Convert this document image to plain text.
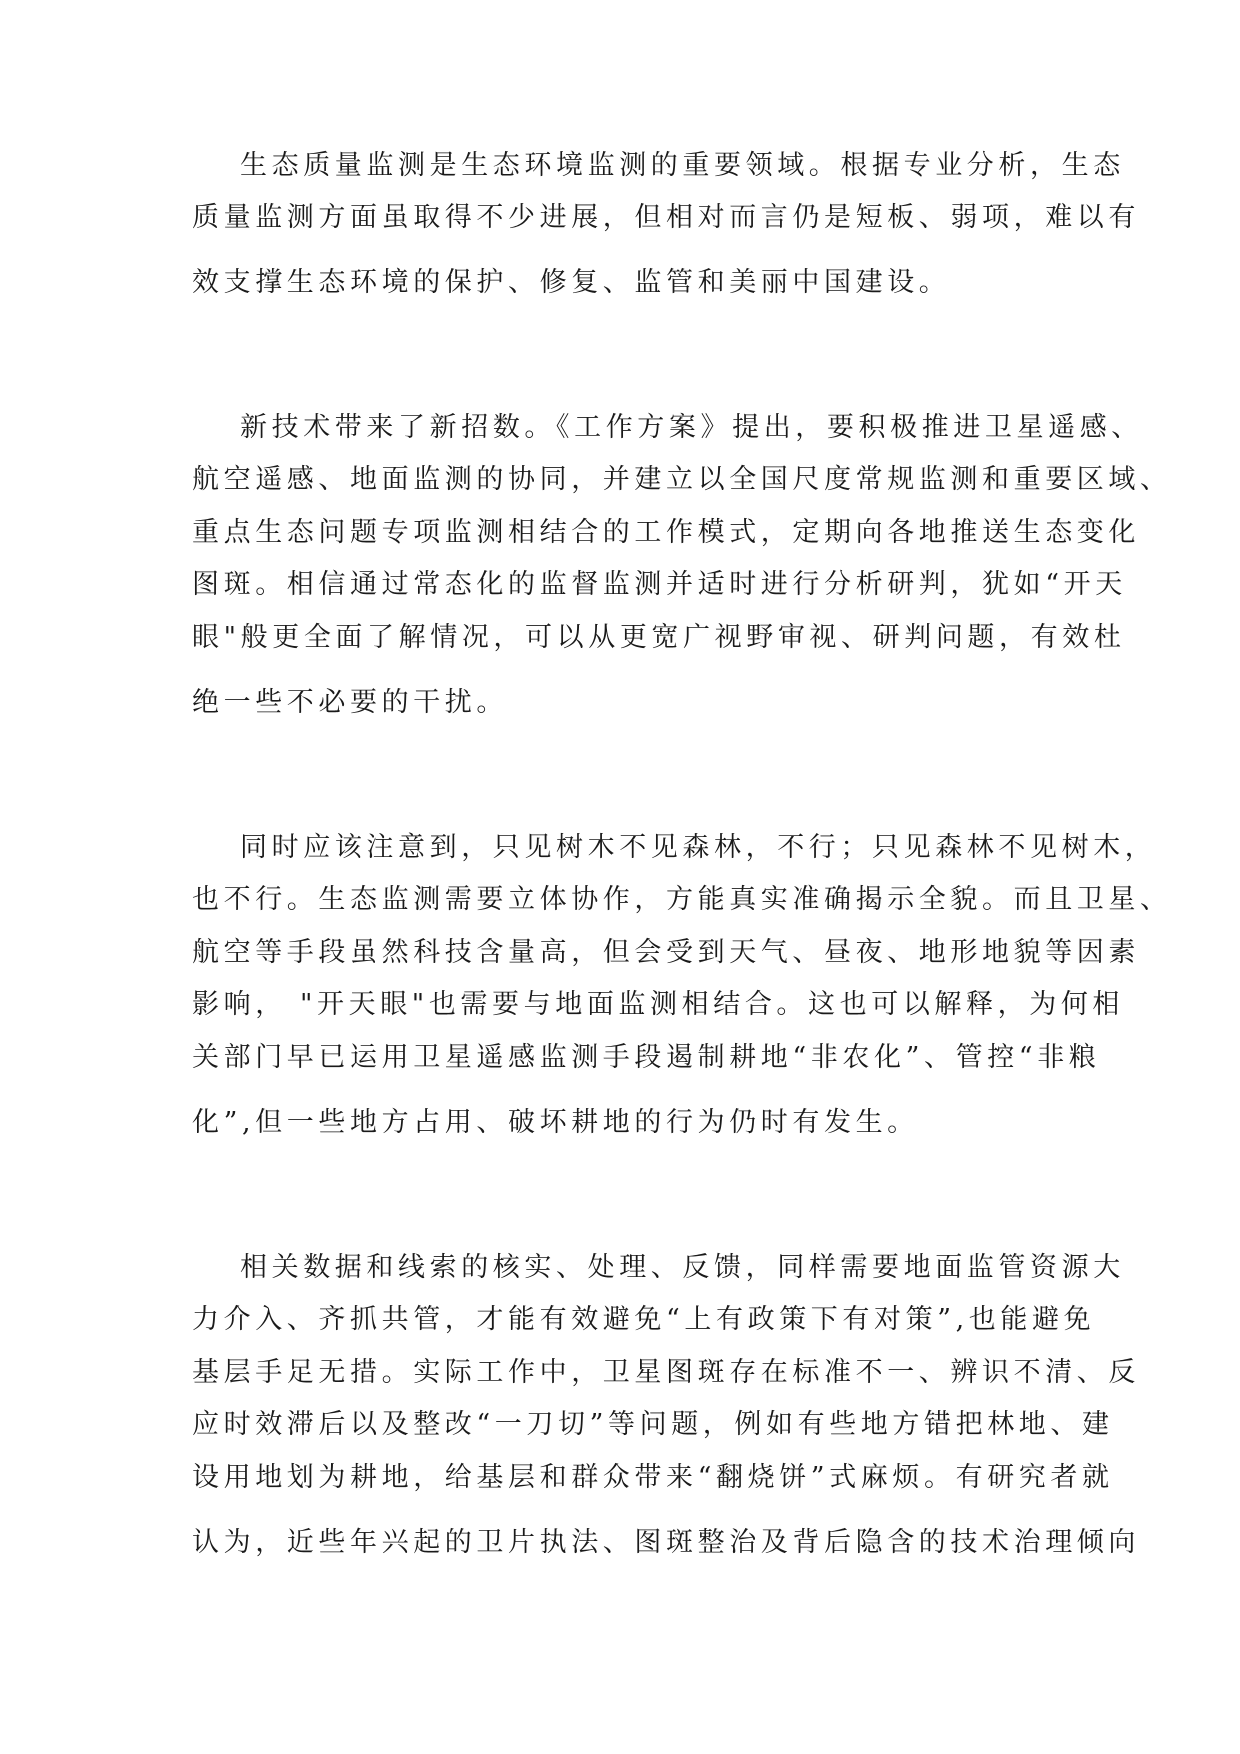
生态质量监测是生态环境监测的重要领域。根据专业分析，生态
质量监测方面虽取得不少进展，但相对而言仍是短板、弱项，难以有
效支撑生态环境的保护、修复、监管和美丽中国建设。
新技术带来了新招数。《工作方案》提出，要积极推进卫星遥感、
航空遥感、地面监测的协同，并建立以全国尺度常规监测和重要区域、
重点生态问题专项监测相结合的工作模式，定期向各地推送生态变化
图斑。相信通过常态化的监督监测并适时进行分析研判，犹如“开天
眼"般更全面了解情况，可以从更宽广视野审视、研判问题，有效杜
绝一些不必要的干扰。
同时应该注意到，只见树木不见森林，不行；只见森林不见树木，
也不行。生态监测需要立体协作，方能真实准确揭示全貌。而且卫星、
航空等手段虽然科技含量高，但会受到天气、昼夜、地形地貌等因素
影响， "开天眼"也需要与地面监测相结合。这也可以解释，为何相
关部门早已运用卫星遥感监测手段遏制耕地“非农化”、管控“非粮
化”,但一些地方占用、破坏耕地的行为仍时有发生。
相关数据和线索的核实、处理、反馈，同样需要地面监管资源大
力介入、齐抓共管，才能有效避免“上有政策下有对策”,也能避免
基层手足无措。实际工作中，卫星图斑存在标准不一、辨识不清、反
应时效滞后以及整改“一刀切”等问题，例如有些地方错把林地、建
设用地划为耕地，给基层和群众带来“翻烧饼”式麻烦。有研究者就
认为，近些年兴起的卫片执法、图斑整治及背后隐含的技术治理倾向
